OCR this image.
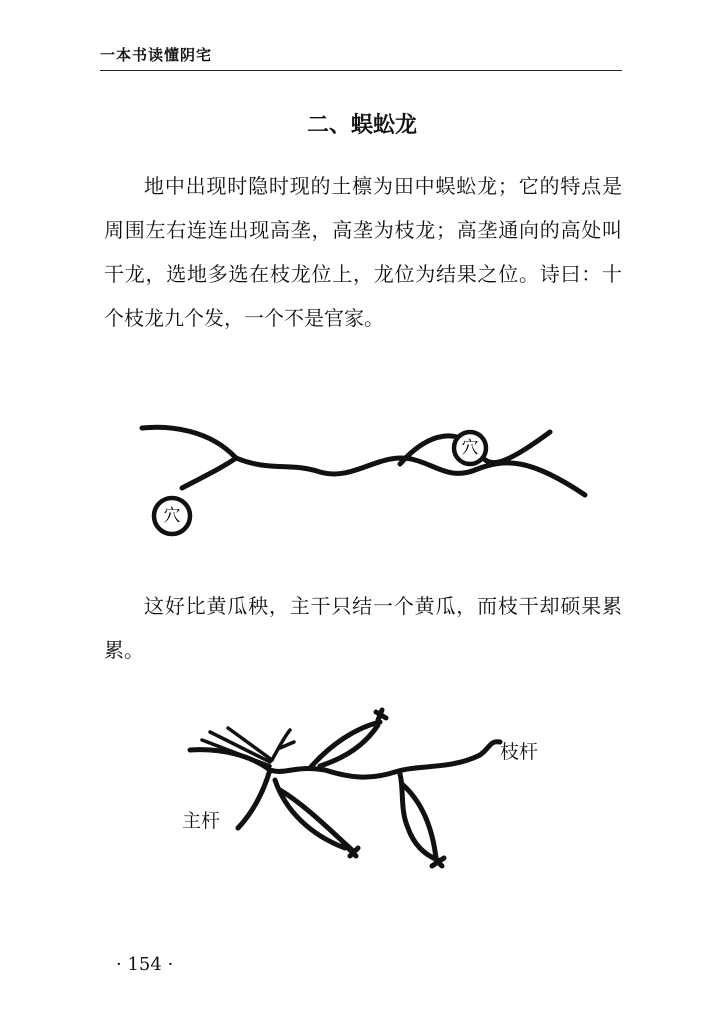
一本书读懂阴宅
二、蜈蚣龙

地中出现时隐时现的土檩为田中蜈蚣龙；它的特点是周围左右连连出现高垄，高垄为枝龙；高垄通向的高处叫干龙，选地多选在枝龙位上，龙位为结果之位。诗曰：十个枝龙九个发，一个不是官家。

穴
穴

这好比黄瓜秧，主干只结一个黄瓜，而枝干却硕果累累。

枝杆
主杆
· 154 ·
